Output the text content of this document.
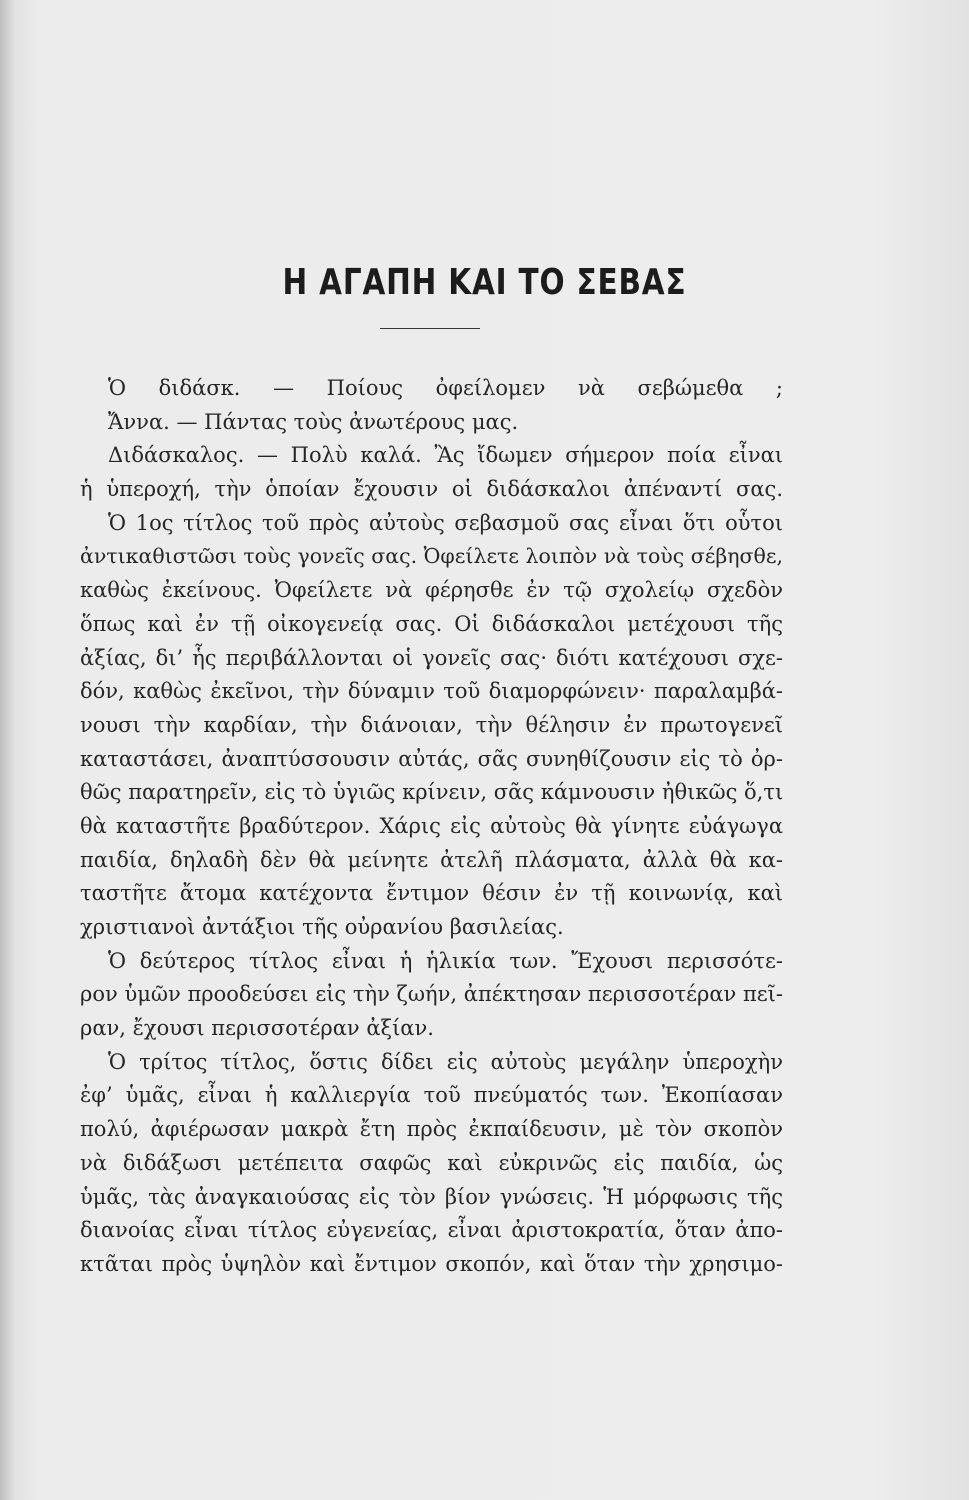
Η ΑΓΑΠΗ ΚΑΙ ΤΟ ΣΕΒΑΣ
Ὁ διδάσκ. — Ποίους ὀφείλομεν νὰ σεβώμεθα ;
Ἄννα. — Πάντας τοὺς ἀνωτέρους μας.
Διδάσκαλος. — Πολὺ καλά. Ἂς ἴδωμεν σήμερον ποία εἶναι
ἡ ὑπεροχή, τὴν ὁποίαν ἔχουσιν οἱ διδάσκαλοι ἀπέναντί σας.
Ὁ 1ος τίτλος τοῦ πρὸς αὐτοὺς σεβασμοῦ σας εἶναι ὅτι οὗτοι
ἀντικαθιστῶσι τοὺς γονεῖς σας. Ὀφείλετε λοιπὸν νὰ τοὺς σέβησθε,
καθὼς ἐκείνους. Ὀφείλετε νὰ φέρησθε ἐν τῷ σχολείῳ σχεδὸν
ὅπως καὶ ἐν τῇ οἰκογενείᾳ σας. Οἱ διδάσκαλοι μετέχουσι τῆς
ἀξίας, δι’ ἧς περιβάλλονται οἱ γονεῖς σας· διότι κατέχουσι σχε-
δόν, καθὼς ἐκεῖνοι, τὴν δύναμιν τοῦ διαμορφώνειν· παραλαμβά-
νουσι τὴν καρδίαν, τὴν διάνοιαν, τὴν θέλησιν ἐν πρωτογενεῖ
καταστάσει, ἀναπτύσσουσιν αὐτάς, σᾶς συνηθίζουσιν εἰς τὸ ὀρ-
θῶς παρατηρεῖν, εἰς τὸ ὑγιῶς κρίνειν, σᾶς κάμνουσιν ἠθικῶς ὅ,τι
θὰ καταστῆτε βραδύτερον. Χάρις εἰς αὐτοὺς θὰ γίνητε εὐάγωγα
παιδία, δηλαδὴ δὲν θὰ μείνητε ἀτελῆ πλάσματα, ἀλλὰ θὰ κα-
ταστῆτε ἄτομα κατέχοντα ἔντιμον θέσιν ἐν τῇ κοινωνίᾳ, καὶ
χριστιανοὶ ἀντάξιοι τῆς οὐρανίου βασιλείας.
Ὁ δεύτερος τίτλος εἶναι ἡ ἡλικία των. Ἔχουσι περισσότε-
ρον ὑμῶν προοδεύσει εἰς τὴν ζωήν, ἀπέκτησαν περισσοτέραν πεῖ-
ραν, ἔχουσι περισσοτέραν ἀξίαν.
Ὁ τρίτος τίτλος, ὅστις δίδει εἰς αὐτοὺς μεγάλην ὑπεροχὴν
ἐφ’ ὑμᾶς, εἶναι ἡ καλλιεργία τοῦ πνεύματός των. Ἐκοπίασαν
πολύ, ἀφιέρωσαν μακρὰ ἔτη πρὸς ἐκπαίδευσιν, μὲ τὸν σκοπὸν
νὰ διδάξωσι μετέπειτα σαφῶς καὶ εὐκρινῶς εἰς παιδία, ὡς
ὑμᾶς, τὰς ἀναγκαιούσας εἰς τὸν βίον γνώσεις. Ἡ μόρφωσις τῆς
διανοίας εἶναι τίτλος εὐγενείας, εἶναι ἀριστοκρατία, ὅταν ἀπο-
κτᾶται πρὸς ὑψηλὸν καὶ ἔντιμον σκοπόν, καὶ ὅταν τὴν χρησιμο-
